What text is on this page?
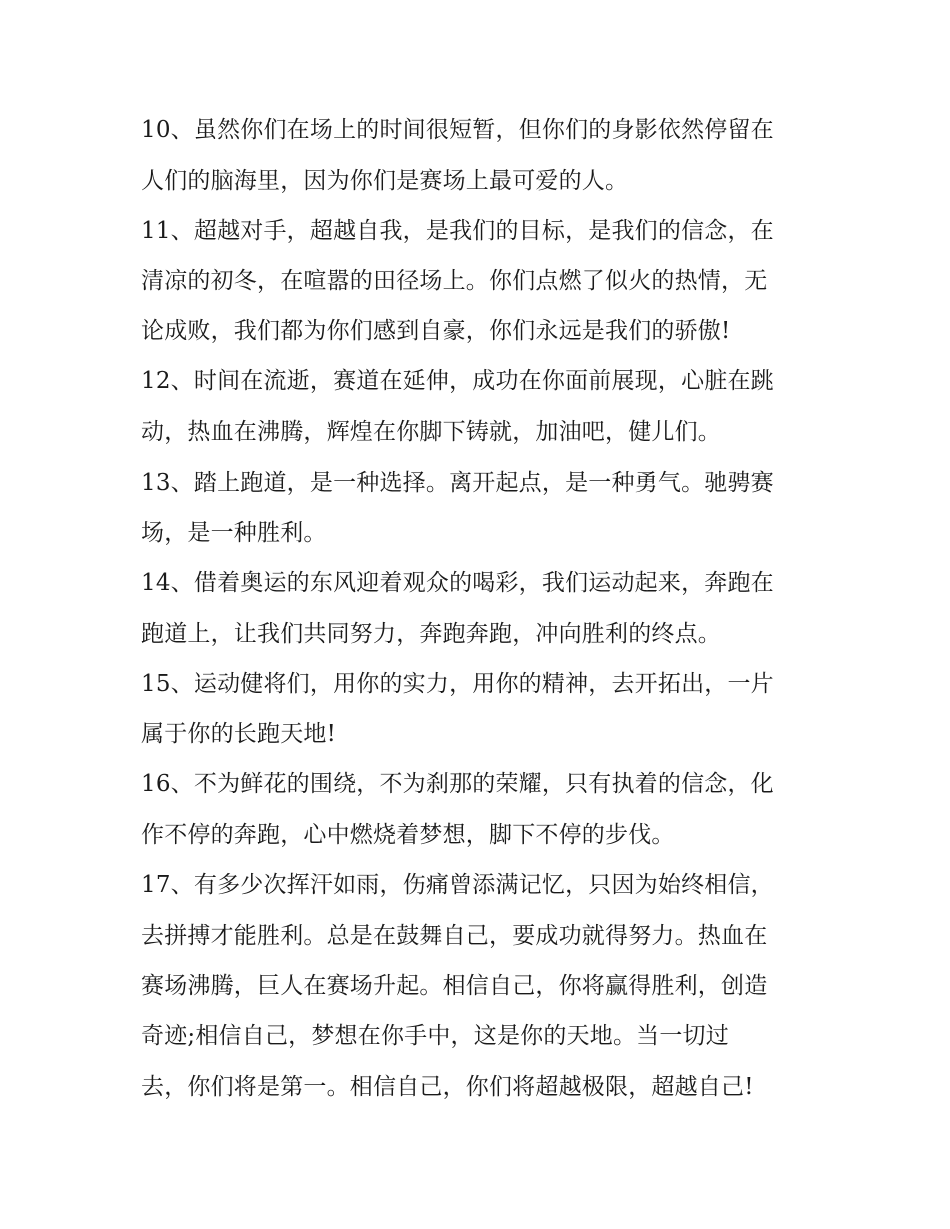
10、虽然你们在场上的时间很短暂，但你们的身影依然停留在
人们的脑海里，因为你们是赛场上最可爱的人。
11、超越对手，超越自我，是我们的目标，是我们的信念，在
清凉的初冬，在喧嚣的田径场上。你们点燃了似火的热情，无
论成败，我们都为你们感到自豪，你们永远是我们的骄傲!
12、时间在流逝，赛道在延伸，成功在你面前展现，心脏在跳
动，热血在沸腾，辉煌在你脚下铸就，加油吧，健儿们。
13、踏上跑道，是一种选择。离开起点，是一种勇气。驰骋赛
场，是一种胜利。
14、借着奥运的东风迎着观众的喝彩，我们运动起来，奔跑在
跑道上，让我们共同努力，奔跑奔跑，冲向胜利的终点。
15、运动健将们，用你的实力，用你的精神，去开拓出，一片
属于你的长跑天地!
16、不为鲜花的围绕，不为刹那的荣耀，只有执着的信念，化
作不停的奔跑，心中燃烧着梦想，脚下不停的步伐。
17、有多少次挥汗如雨，伤痛曾添满记忆，只因为始终相信，
去拼搏才能胜利。总是在鼓舞自己，要成功就得努力。热血在
赛场沸腾，巨人在赛场升起。相信自己，你将赢得胜利，创造
奇迹;相信自己，梦想在你手中，这是你的天地。当一切过
去，你们将是第一。相信自己，你们将超越极限，超越自己!
